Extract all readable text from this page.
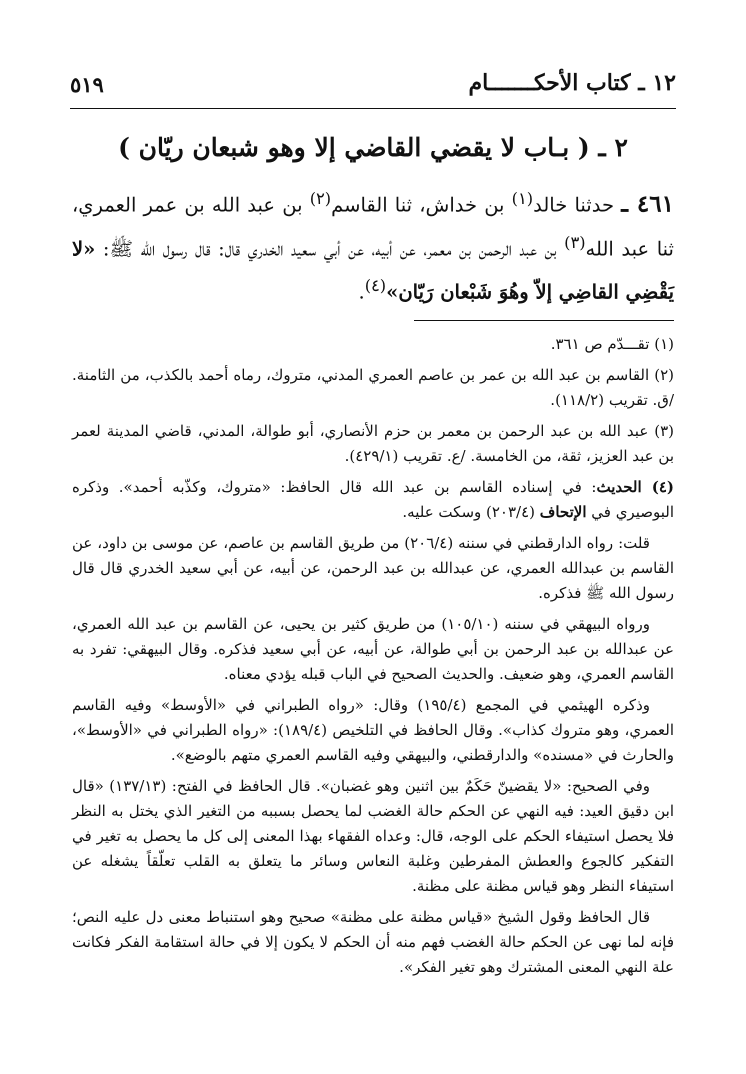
٥١٩	١٢ ـ كتاب الأحكـــــــام
٢ ـ ( بـاب لا يقضي القاضي إلا وهو شبعان ريّان )
٤٦١ ـ حدثنا خالد$^{(١)}$ بن خداش، ثنا القاسم$^{(٢)}$ بن عبد الله بن عمر العمري، ثنا عبد الله$^{(٣)}$ بن عبد الرحمن بن معمر، عن أبيه، عن أبي سعيد الخدري قال: قال رسول الله ﷺ: «لا يَقْضِي القاضِي إلاّ وهُوَ شَبْعان رَيّان»$^{(٤)}$.

(١) تقـــدّم ص ٣٦١.

(٢) القاسم بن عبد الله بن عمر بن عاصم العمري المدني، متروك، رماه أحمد بالكذب، من الثامنة. /ق. تقريب (١١٨/٢).

(٣) عبد الله بن عبد الرحمن بن معمر بن حزم الأنصاري، أبو طوالة، المدني، قاضي المدينة لعمر بن عبد العزيز، ثقة، من الخامسة. /ع. تقريب (٤٢٩/١).

(٤) الحديث: في إسناده القاسم بن عبد الله قال الحافظ: «متروك، وكذّبه أحمد». وذكره البوصيري في الإتحاف (٢٠٣/٤) وسكت عليه.

قلت: رواه الدارقطني في سننه (٢٠٦/٤) من طريق القاسم بن عاصم، عن موسى بن داود، عن القاسم بن عبدالله العمري، عن عبدالله بن عبد الرحمن، عن أبيه، عن أبي سعيد الخدري قال قال رسول الله ﷺ فذكره.

ورواه البيهقي في سننه (١٠٥/١٠) من طريق كثير بن يحيى، عن القاسم بن عبد الله العمري، عن عبدالله بن عبد الرحمن بن أبي طوالة، عن أبيه، عن أبي سعيد فذكره. وقال البيهقي: تفرد به القاسم العمري، وهو ضعيف. والحديث الصحيح في الباب قبله يؤدي معناه.

وذكره الهيثمي في المجمع (١٩٥/٤) وقال: «رواه الطبراني في «الأوسط» وفيه القاسم العمري، وهو متروك كذاب». وقال الحافظ في التلخيص (١٨٩/٤): «رواه الطبراني في «الأوسط»، والحارث في «مسنده» والدارقطني، والبيهقي وفيه القاسم العمري متهم بالوضع».

وفي الصحيح: «لا يقضينّ حَكَمٌ بين اثنين وهو غضبان». قال الحافظ في الفتح: (١٣٧/١٣) «قال ابن دقيق العيد: فيه النهي عن الحكم حالة الغضب لما يحصل بسببه من التغير الذي يختل به النظر فلا يحصل استيفاء الحكم على الوجه، قال: وعداه الفقهاء بهذا المعنى إلى كل ما يحصل به تغير في التفكير كالجوع والعطش المفرطين وغلبة النعاس وسائر ما يتعلق به القلب تعلّقاً يشغله عن استيفاء النظر وهو قياس مظنة على مظنة.

قال الحافظ وقول الشيخ «قياس مظنة على مظنة» صحيح وهو استنباط معنى دل عليه النص؛ فإنه لما نهى عن الحكم حالة الغضب فهم منه أن الحكم لا يكون إلا في حالة استقامة الفكر فكانت علة النهي المعنى المشترك وهو تغير الفكر».
